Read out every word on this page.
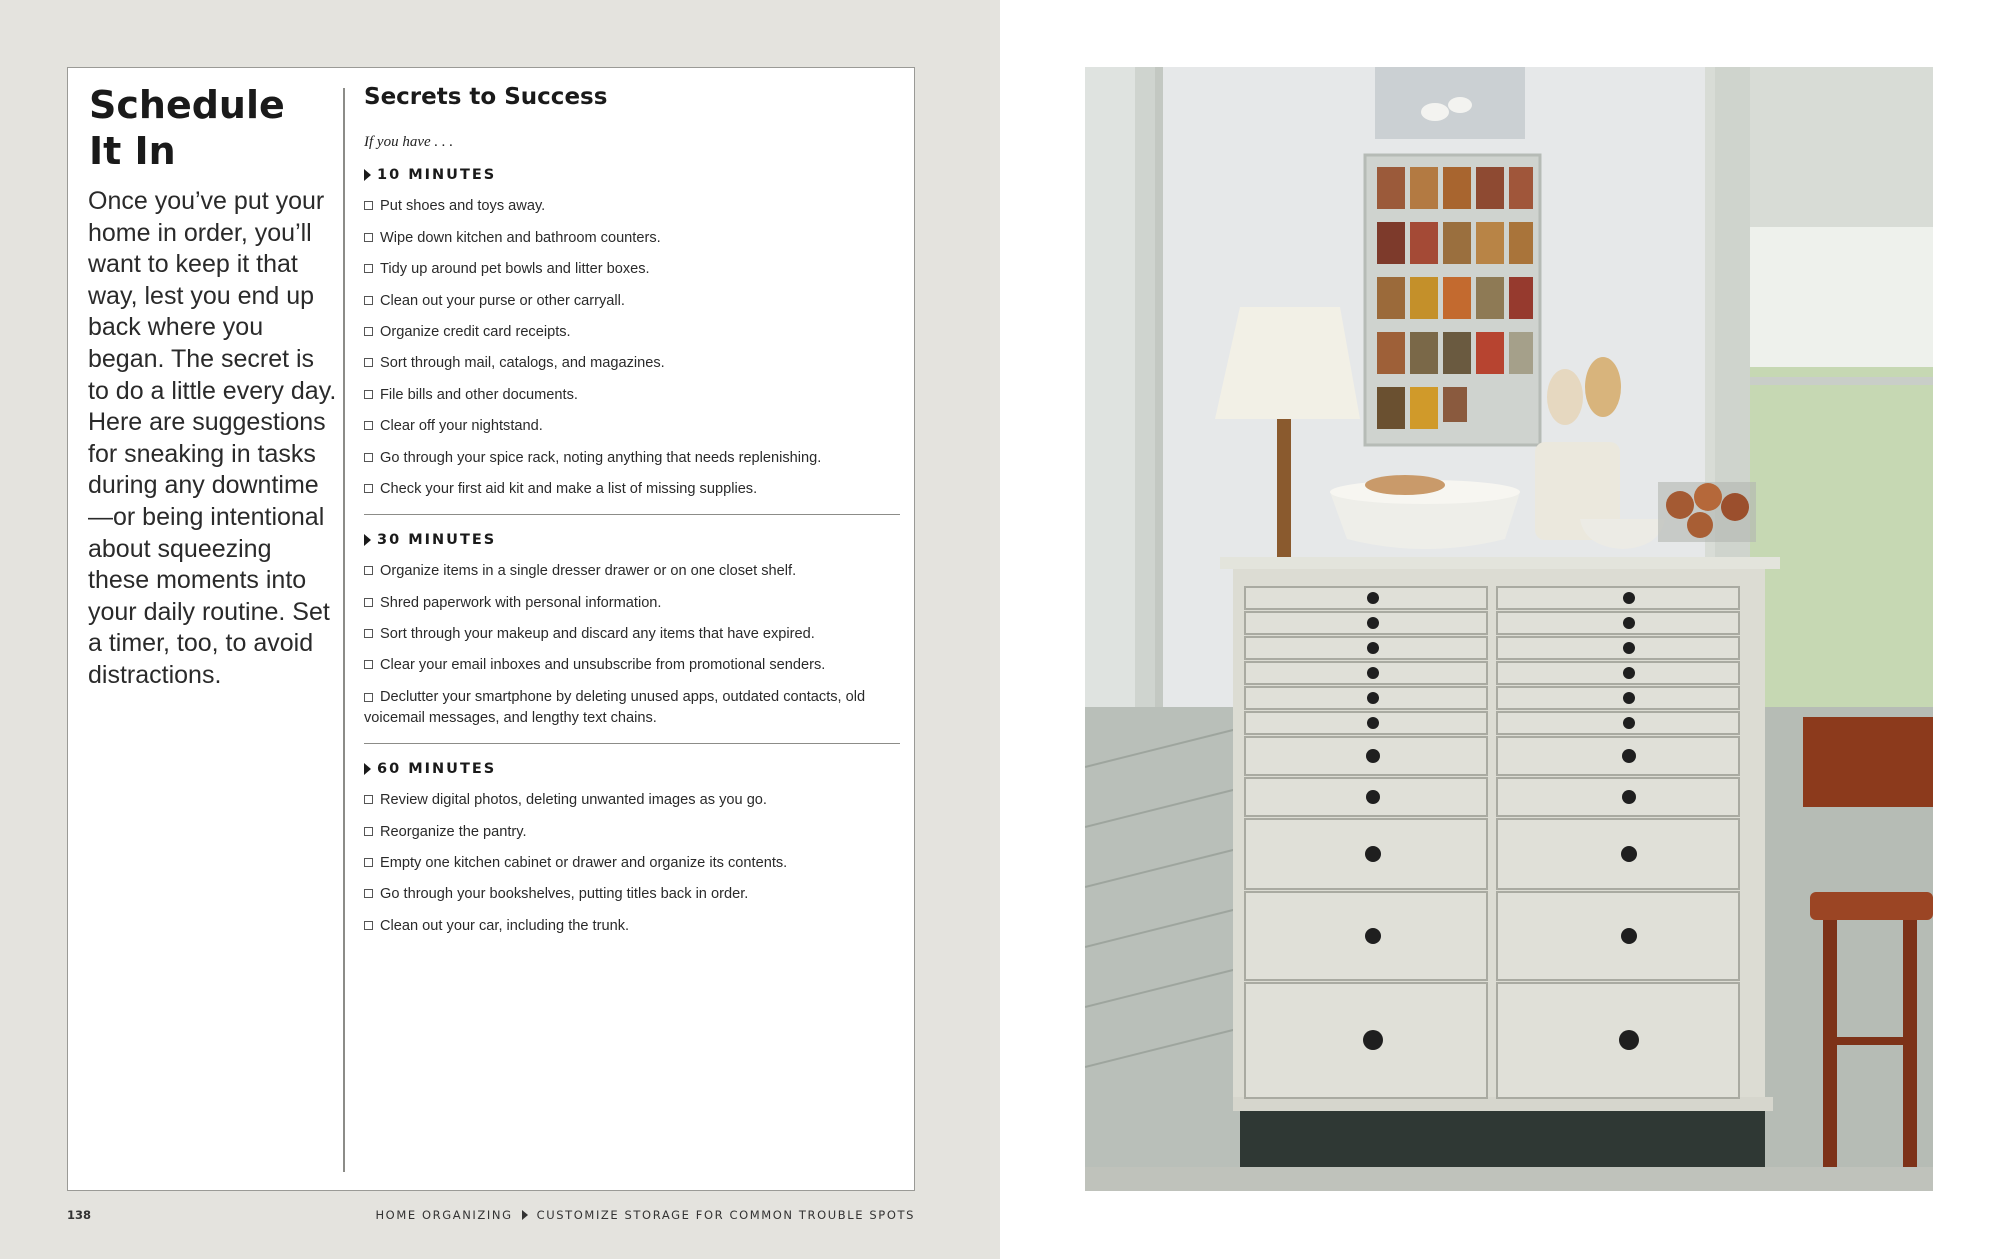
Schedule It In

Once you’ve put your home in order, you’ll want to keep it that way, lest you end up back where you began. The secret is to do a little every day. Here are suggestions for sneaking in tasks during any downtime—or being intentional about squeezing these moments into your daily routine. Set a timer, too, to avoid distractions.

Secrets to Success
If you have . . .
10 MINUTES
Put shoes and toys away.
Wipe down kitchen and bathroom counters.
Tidy up around pet bowls and litter boxes.
Clean out your purse or other carryall.
Organize credit card receipts.
Sort through mail, catalogs, and magazines.
File bills and other documents.
Clear off your nightstand.
Go through your spice rack, noting anything that needs replenishing.
Check your first aid kit and make a list of missing supplies.
30 MINUTES
Organize items in a single dresser drawer or on one closet shelf.
Shred paperwork with personal information.
Sort through your makeup and discard any items that have expired.
Clear your email inboxes and unsubscribe from promotional senders.
Declutter your smartphone by deleting unused apps, outdated contacts, old voicemail messages, and lengthy text chains.
60 MINUTES
Review digital photos, deleting unwanted images as you go.
Reorganize the pantry.
Empty one kitchen cabinet or drawer and organize its contents.
Go through your bookshelves, putting titles back in order.
Clean out your car, including the trunk.
138	HOME ORGANIZING CUSTOMIZE STORAGE FOR COMMON TROUBLE SPOTS
